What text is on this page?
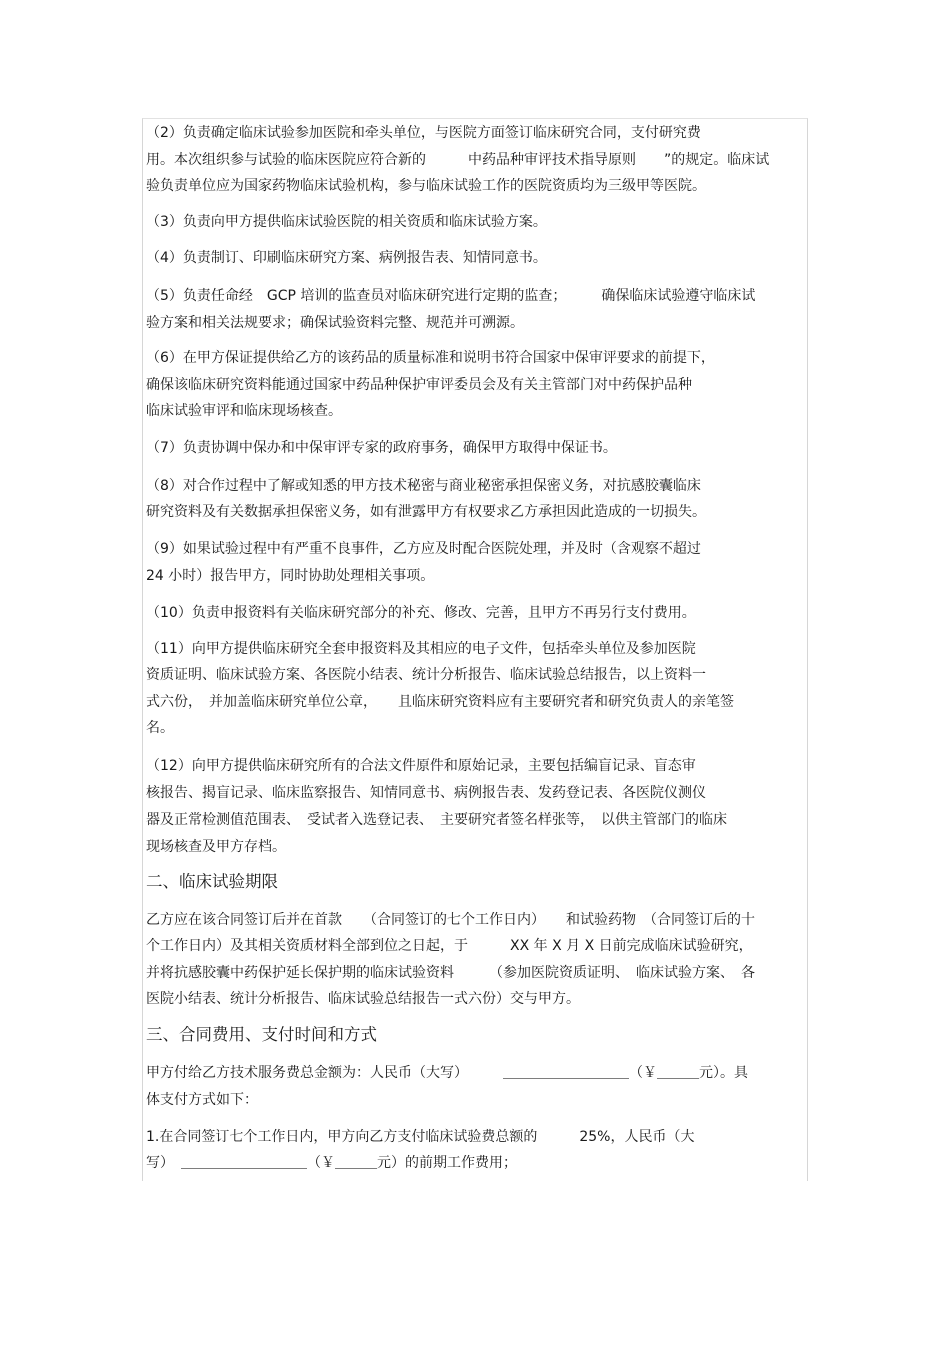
（2）负责确定临床试验参加医院和牵头单位，与医院方面签订临床研究合同，支付研究费
用。本次组织参与试验的临床医院应符合新的　　　中药品种审评技术指导原则　　”的规定。临床试
验负责单位应为国家药物临床试验机构，参与临床试验工作的医院资质均为三级甲等医院。
（3）负责向甲方提供临床试验医院的相关资质和临床试验方案。
（4）负责制订、印刷临床研究方案、病例报告表、知情同意书。
（5）负责任命经　GCP 培训的监查员对临床研究进行定期的监查；　　　确保临床试验遵守临床试
验方案和相关法规要求；确保试验资料完整、规范并可溯源。
（6）在甲方保证提供给乙方的该药品的质量标准和说明书符合国家中保审评要求的前提下，
确保该临床研究资料能通过国家中药品种保护审评委员会及有关主管部门对中药保护品种
临床试验审评和临床现场核查。
（7）负责协调中保办和中保审评专家的政府事务，确保甲方取得中保证书。
（8）对合作过程中了解或知悉的甲方技术秘密与商业秘密承担保密义务，对抗感胶囊临床
研究资料及有关数据承担保密义务，如有泄露甲方有权要求乙方承担因此造成的一切损失。
（9）如果试验过程中有严重不良事件，乙方应及时配合医院处理，并及时（含观察不超过
24 小时）报告甲方，同时协助处理相关事项。
（10）负责申报资料有关临床研究部分的补充、修改、完善，且甲方不再另行支付费用。
（11）向甲方提供临床研究全套申报资料及其相应的电子文件，包括牵头单位及参加医院
资质证明、临床试验方案、各医院小结表、统计分析报告、临床试验总结报告，以上资料一
式六份，　并加盖临床研究单位公章，　　且临床研究资料应有主要研究者和研究负责人的亲笔签
名。
（12）向甲方提供临床研究所有的合法文件原件和原始记录，主要包括编盲记录、盲态审
核报告、揭盲记录、临床监察报告、知情同意书、病例报告表、发药登记表、各医院仪测仪
器及正常检测值范围表、　受试者入选登记表、　主要研究者签名样张等，　以供主管部门的临床
现场核查及甲方存档。
二、临床试验期限
乙方应在该合同签订后并在首款　　（合同签订的七个工作日内）　　和试验药物　（合同签订后的十
个工作日内）及其相关资质材料全部到位之日起，于　　　XX 年 X 月 X 日前完成临床试验研究，
并将抗感胶囊中药保护延长保护期的临床试验资料　　　（参加医院资质证明、　临床试验方案、　各
医院小结表、统计分析报告、临床试验总结报告一式六份）交与甲方。
三、合同费用、支付时间和方式
甲方付给乙方技术服务费总金额为：人民币（大写）　　　＿＿＿＿＿＿＿＿＿（￥＿＿＿元）。具
体支付方式如下：
1.在合同签订七个工作日内，甲方向乙方支付临床试验费总额的　　　25%，人民币（大
写）　＿＿＿＿＿＿＿＿＿（￥＿＿＿元）的前期工作费用；
